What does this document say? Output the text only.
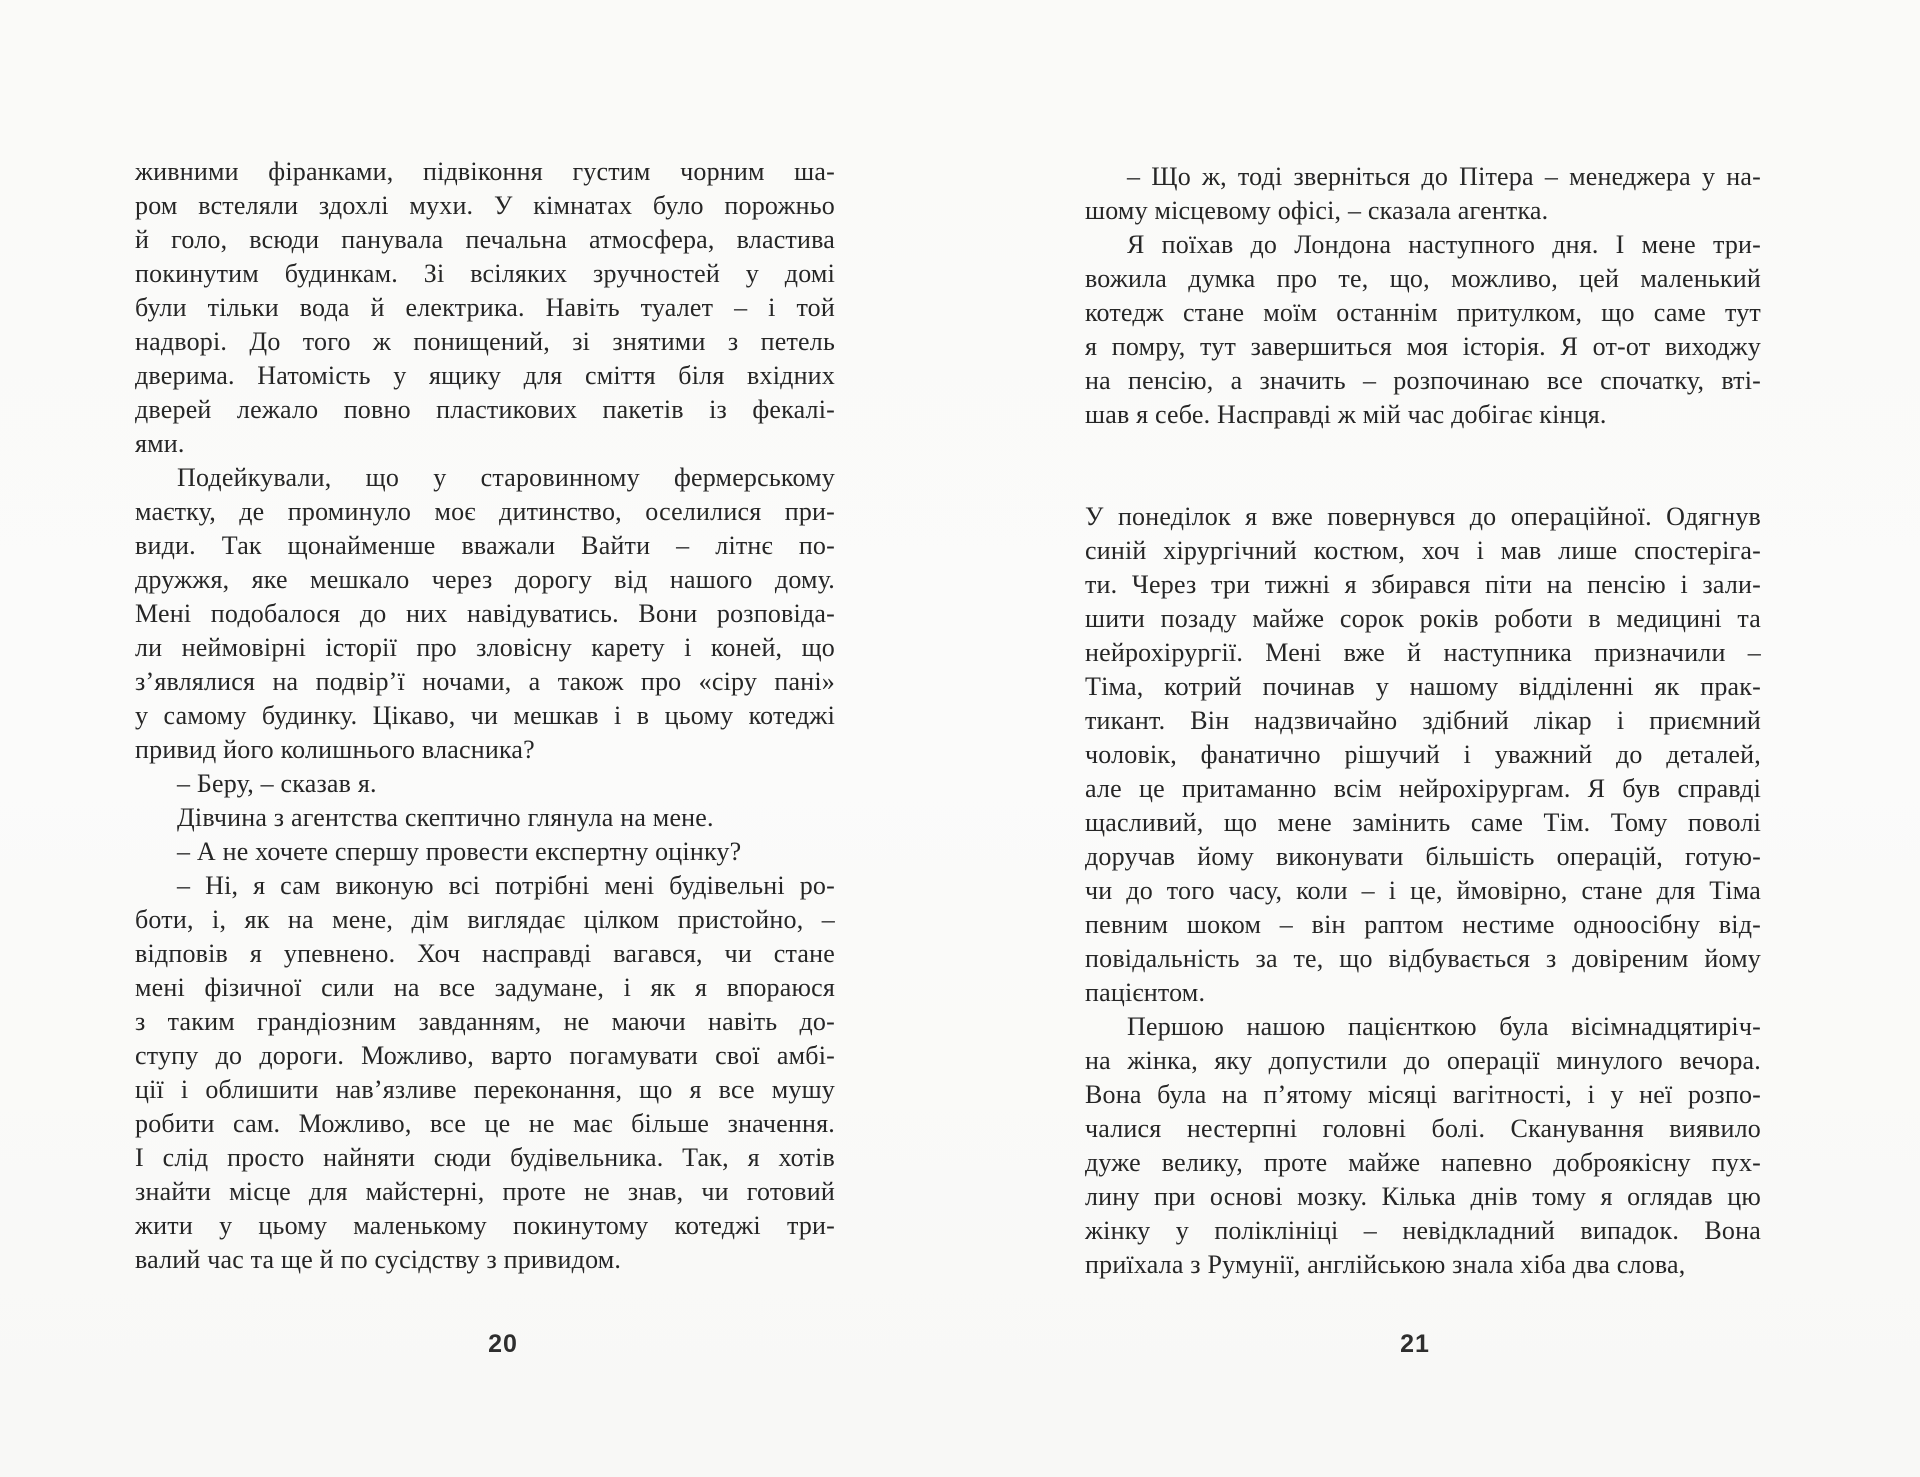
живними фіранками, підвіконня густим чорним ша-
ром встеляли здохлі мухи. У кімнатах було порожньо
й голо, всюди панувала печальна атмосфера, властива
покинутим будинкам. Зі всіляких зручностей у домі
були тільки вода й електрика. Навіть туалет – і той
надворі. До того ж понищений, зі знятими з петель
дверима. Натомість у ящику для сміття біля вхідних
дверей лежало повно пластикових пакетів із фекалі-
ями.
Подейкували, що у старовинному фермерському
маєтку, де проминуло моє дитинство, оселилися при-
види. Так щонайменше вважали Вайти – літнє по-
дружжя, яке мешкало через дорогу від нашого дому.
Мені подобалося до них навідуватись. Вони розповіда-
ли неймовірні історії про зловісну карету і коней, що
з’являлися на подвір’ї ночами, а також про «сіру пані»
у самому будинку. Цікаво, чи мешкав і в цьому котеджі
привид його колишнього власника?
– Беру, – сказав я.
Дівчина з агентства скептично глянула на мене.
– А не хочете спершу провести експертну оцінку?
– Ні, я сам виконую всі потрібні мені будівельні ро-
боти, і, як на мене, дім виглядає цілком пристойно, –
відповів я упевнено. Хоч насправді вагався, чи стане
мені фізичної сили на все задумане, і як я впораюся
з таким грандіозним завданням, не маючи навіть до-
ступу до дороги. Можливо, варто погамувати свої амбі-
ції і облишити нав’язливе переконання, що я все мушу
робити сам. Можливо, все це не має більше значення.
І слід просто найняти сюди будівельника. Так, я хотів
знайти місце для майстерні, проте не знав, чи готовий
жити у цьому маленькому покинутому котеджі три-
валий час та ще й по сусідству з привидом.
20
– Що ж, тоді зверніться до Пітера – менеджера у на-
шому місцевому офісі, – сказала агентка.
Я поїхав до Лондона наступного дня. І мене три-
вожила думка про те, що, можливо, цей маленький
котедж стане моїм останнім притулком, що саме тут
я помру, тут завершиться моя історія. Я от-от виходжу
на пенсію, а значить – розпочинаю все спочатку, вті-
шав я себе. Насправді ж мій час добігає кінця.

У понеділок я вже повернувся до операційної. Одягнув
синій хірургічний костюм, хоч і мав лише спостеріга-
ти. Через три тижні я збирався піти на пенсію і зали-
шити позаду майже сорок років роботи в медицині та
нейрохірургії. Мені вже й наступника призначили –
Тіма, котрий починав у нашому відділенні як прак-
тикант. Він надзвичайно здібний лікар і приємний
чоловік, фанатично рішучий і уважний до деталей,
але це притаманно всім нейрохірургам. Я був справді
щасливий, що мене замінить саме Тім. Тому поволі
доручав йому виконувати більшість операцій, готую-
чи до того часу, коли – і це, ймовірно, стане для Тіма
певним шоком – він раптом нестиме одноосібну від-
повідальність за те, що відбувається з довіреним йому
пацієнтом.
Першою нашою пацієнткою була вісімнадцятиріч-
на жінка, яку допустили до операції минулого вечора.
Вона була на п’ятому місяці вагітності, і у неї розпо-
чалися нестерпні головні болі. Сканування виявило
дуже велику, проте майже напевно доброякісну пух-
лину при основі мозку. Кілька днів тому я оглядав цю
жінку у поліклініці – невідкладний випадок. Вона
приїхала з Румунії, англійською знала хіба два слова,
21
